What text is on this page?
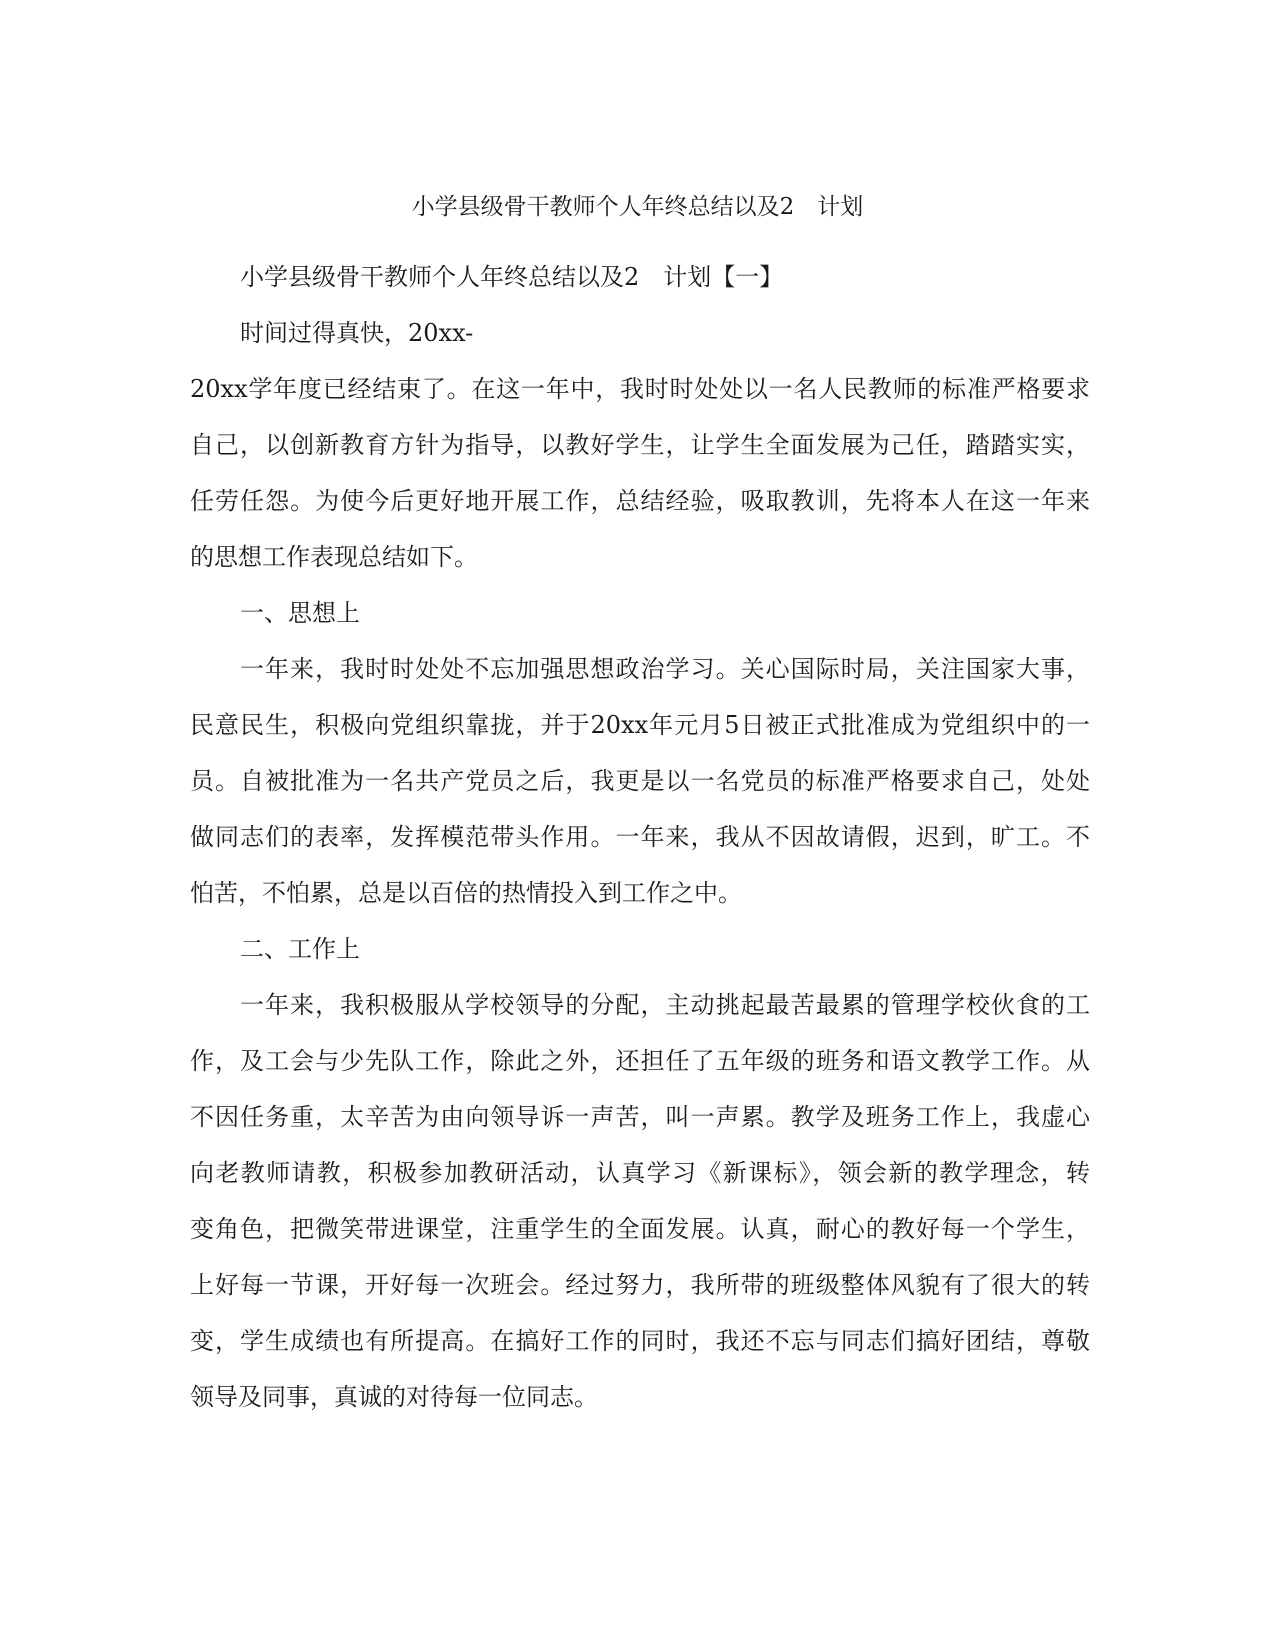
小学县级骨干教师个人年终总结以及2　计划
小学县级骨干教师个人年终总结以及2　计划【一】
时间过得真快，20xx-
20xx学年度已经结束了。在这一年中，我时时处处以一名人民教师的标准严格要求
自己，以创新教育方针为指导，以教好学生，让学生全面发展为己任，踏踏实实，
任劳任怨。为使今后更好地开展工作，总结经验，吸取教训，先将本人在这一年来
的思想工作表现总结如下。
一、思想上
一年来，我时时处处不忘加强思想政治学习。关心国际时局，关注国家大事，
民意民生，积极向党组织靠拢，并于20xx年元月5日被正式批准成为党组织中的一
员。自被批准为一名共产党员之后，我更是以一名党员的标准严格要求自己，处处
做同志们的表率，发挥模范带头作用。一年来，我从不因故请假，迟到，旷工。不
怕苦，不怕累，总是以百倍的热情投入到工作之中。
二、工作上
一年来，我积极服从学校领导的分配，主动挑起最苦最累的管理学校伙食的工
作，及工会与少先队工作，除此之外，还担任了五年级的班务和语文教学工作。从
不因任务重，太辛苦为由向领导诉一声苦，叫一声累。教学及班务工作上，我虚心
向老教师请教，积极参加教研活动，认真学习《新课标》，领会新的教学理念，转
变角色，把微笑带进课堂，注重学生的全面发展。认真，耐心的教好每一个学生，
上好每一节课，开好每一次班会。经过努力，我所带的班级整体风貌有了很大的转
变，学生成绩也有所提高。在搞好工作的同时，我还不忘与同志们搞好团结，尊敬
领导及同事，真诚的对待每一位同志。
